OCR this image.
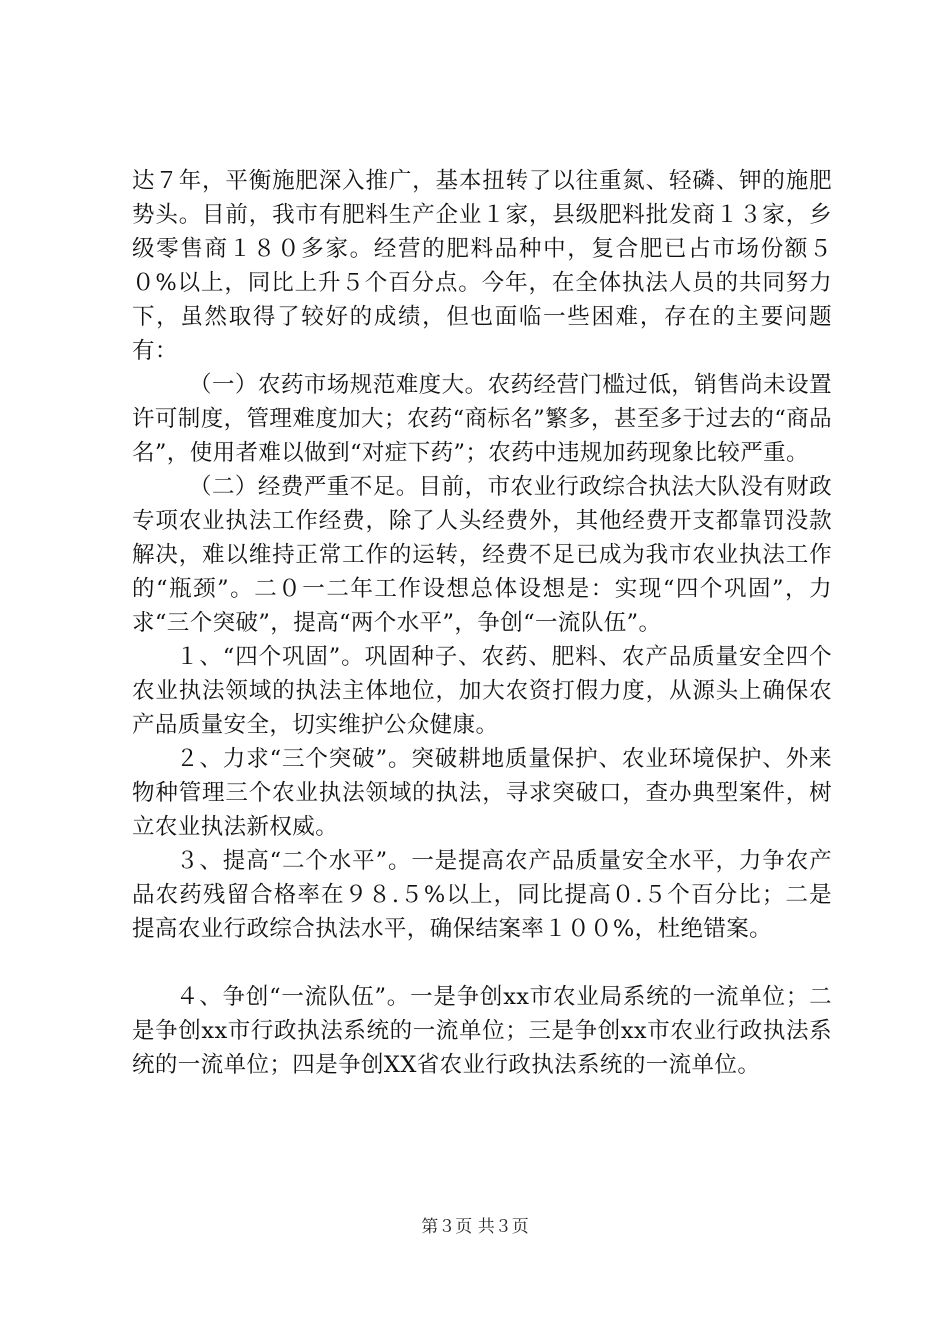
达７年，平衡施肥深入推广，基本扭转了以往重氮、轻磷、钾的施肥势头。目前，我市有肥料生产企业１家，县级肥料批发商１３家，乡级零售商１８０多家。经营的肥料品种中，复合肥已占市场份额５０%以上，同比上升５个百分点。今年，在全体执法人员的共同努力下，虽然取得了较好的成绩，但也面临一些困难，存在的主要问题有：

（一）农药市场规范难度大。农药经营门槛过低，销售尚未设置许可制度，管理难度加大；农药“商标名”繁多，甚至多于过去的“商品名”，使用者难以做到“对症下药”；农药中违规加药现象比较严重。

（二）经费严重不足。目前，市农业行政综合执法大队没有财政专项农业执法工作经费，除了人头经费外，其他经费开支都靠罚没款解决，难以维持正常工作的运转，经费不足已成为我市农业执法工作的“瓶颈”。二０一二年工作设想总体设想是：实现“四个巩固”，力求“三个突破”，提高“两个水平”，争创“一流队伍”。

１、“四个巩固”。巩固种子、农药、肥料、农产品质量安全四个农业执法领域的执法主体地位，加大农资打假力度，从源头上确保农产品质量安全，切实维护公众健康。

２、力求“三个突破”。突破耕地质量保护、农业环境保护、外来物种管理三个农业执法领域的执法，寻求突破口，查办典型案件，树立农业执法新权威。

３、提高“二个水平”。一是提高农产品质量安全水平，力争农产品农药残留合格率在９８.５%以上，同比提高０.５个百分比；二是提高农业行政综合执法水平，确保结案率１００%，杜绝错案。

４、争创“一流队伍”。一是争创xx市农业局系统的一流单位；二是争创xx市行政执法系统的一流单位；三是争创xx市农业行政执法系统的一流单位；四是争创XX省农业行政执法系统的一流单位。

第３页 共３页
